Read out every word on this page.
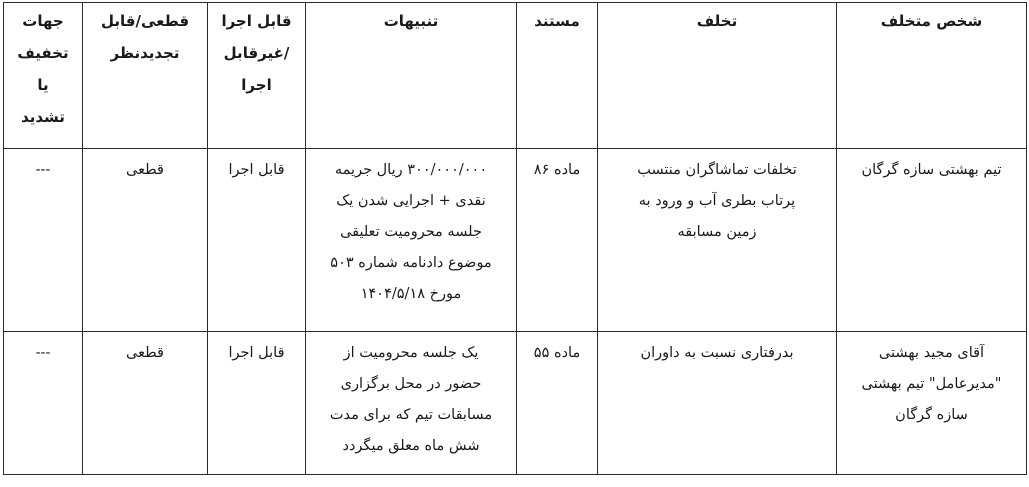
شخص متخلف	تخلف	مستند	تنبیهات	قابل اجرا
/غیرقابل
اجرا	قطعی/قابل
تجدیدنظر	جهات
تخفیف
یا
تشدید

تیم بهشتی سازه گرگان	تخلفات تماشاگران منتسب
پرتاب بطری آب و ورود به
زمین مسابقه	ماده ۸۶	۳۰۰/۰۰۰/۰۰۰ ریال جریمه
نقدی + اجرایی شدن یک
جلسه محرومیت تعلیقی
موضوع دادنامه شماره ۵۰۳
مورخ ۱۴۰۴/۵/۱۸	قابل اجرا	قطعی	---

آقای مجید بهشتی
"مدیرعامل" تیم بهشتی
سازه گرگان	بدرفتاری نسبت به داوران	ماده ۵۵	یک جلسه محرومیت از
حضور در محل برگزاری
مسابقات تیم که برای مدت
شش ماه معلق میگردد	قابل اجرا	قطعی	---
